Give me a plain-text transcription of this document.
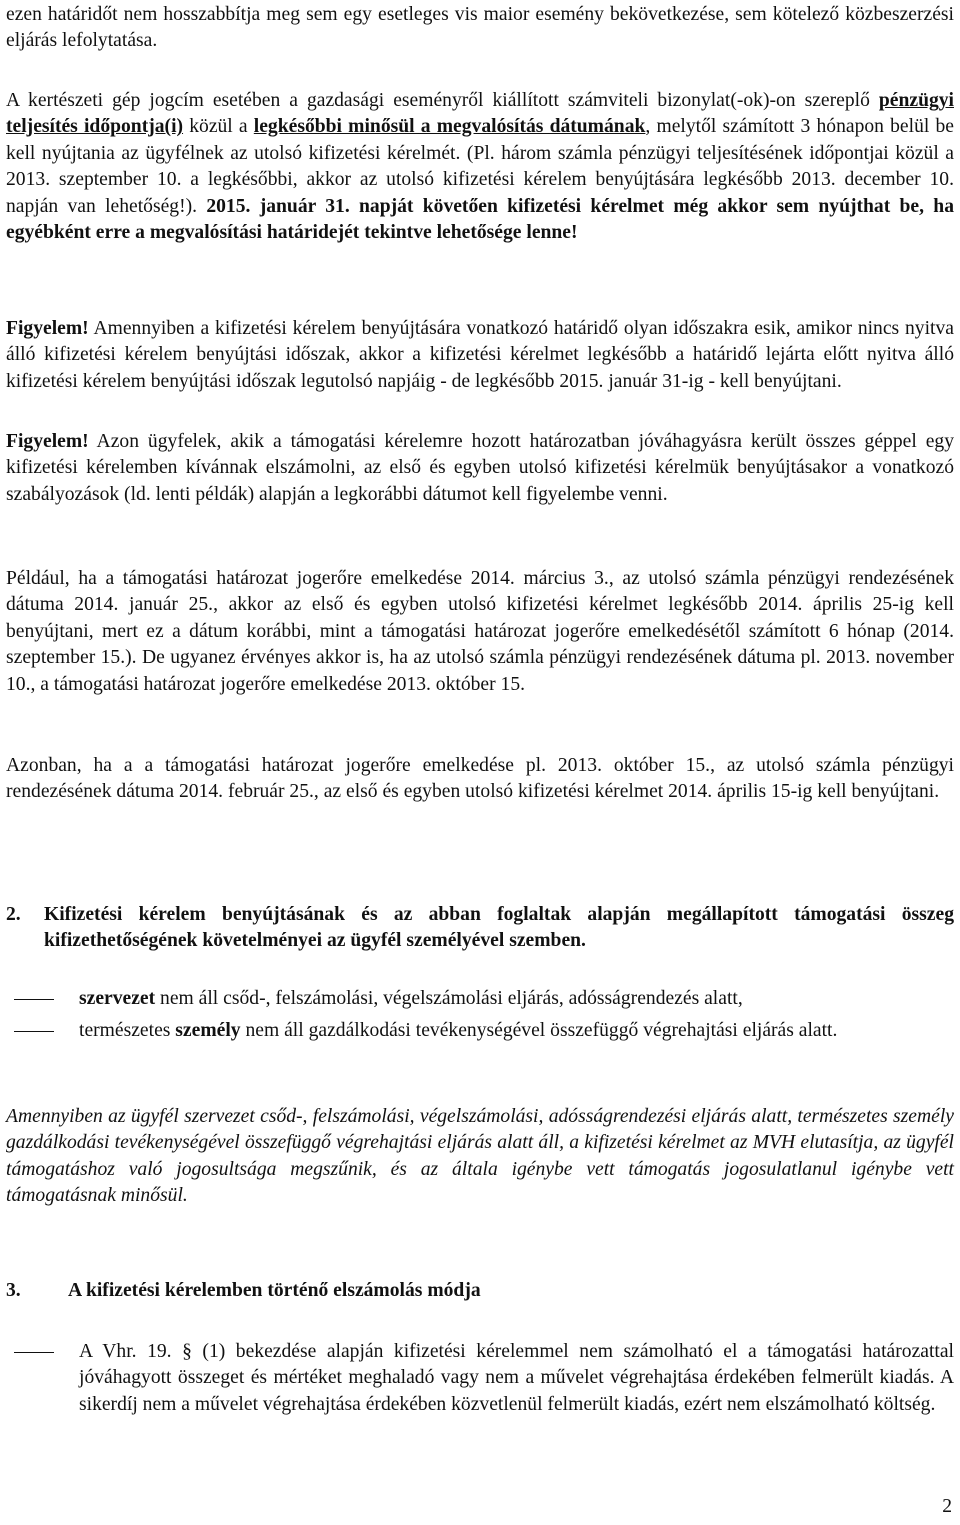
ezen határidőt nem hosszabbítja meg sem egy esetleges vis maior esemény bekövetkezése, sem kötelező közbeszerzési eljárás lefolytatása.

A kertészeti gép jogcím esetében a gazdasági eseményről kiállított számviteli bizonylat(-ok)-on szereplő pénzügyi teljesítés időpontja(i) közül a legkésőbbi minősül a megvalósítás dátumának, melytől számított 3 hónapon belül be kell nyújtania az ügyfélnek az utolsó kifizetési kérelmét. (Pl. három számla pénzügyi teljesítésének időpontjai közül a 2013. szeptember 10. a legkésőbbi, akkor az utolsó kifizetési kérelem benyújtására legkésőbb 2013. december 10. napján van lehetőség!). 2015. január 31. napját követően kifizetési kérelmet még akkor sem nyújthat be, ha egyébként erre a megvalósítási határidejét tekintve lehetősége lenne!

Figyelem! Amennyiben a kifizetési kérelem benyújtására vonatkozó határidő olyan időszakra esik, amikor nincs nyitva álló kifizetési kérelem benyújtási időszak, akkor a kifizetési kérelmet legkésőbb a határidő lejárta előtt nyitva álló kifizetési kérelem benyújtási időszak legutolsó napjáig - de legkésőbb 2015. január 31-ig - kell benyújtani.

Figyelem! Azon ügyfelek, akik a támogatási kérelemre hozott határozatban jóváhagyásra került összes géppel egy kifizetési kérelemben kívánnak elszámolni, az első és egyben utolsó kifizetési kérelmük benyújtásakor a vonatkozó szabályozások (ld. lenti példák) alapján a legkorábbi dátumot kell figyelembe venni.

Például, ha a támogatási határozat jogerőre emelkedése 2014. március 3., az utolsó számla pénzügyi rendezésének dátuma 2014. január 25., akkor az első és egyben utolsó kifizetési kérelmet legkésőbb 2014. április 25-ig kell benyújtani, mert ez a dátum korábbi, mint a támogatási határozat jogerőre emelkedésétől számított 6 hónap (2014. szeptember 15.). De ugyanez érvényes akkor is, ha az utolsó számla pénzügyi rendezésének dátuma pl. 2013. november 10., a támogatási határozat jogerőre emelkedése 2013. október 15.

Azonban, ha a a támogatási határozat jogerőre emelkedése pl. 2013. október 15., az utolsó számla pénzügyi rendezésének dátuma 2014. február 25., az első és egyben utolsó kifizetési kérelmet 2014. április 15-ig kell benyújtani.

2. Kifizetési kérelem benyújtásának és az abban foglaltak alapján megállapított támogatási összeg kifizethetőségének követelményei az ügyfél személyével szemben.
szervezet nem áll csőd-, felszámolási, végelszámolási eljárás, adósságrendezés alatt,
természetes személy nem áll gazdálkodási tevékenységével összefüggő végrehajtási eljárás alatt.

Amennyiben az ügyfél szervezet csőd-, felszámolási, végelszámolási, adósságrendezési eljárás alatt, természetes személy gazdálkodási tevékenységével összefüggő végrehajtási eljárás alatt áll, a kifizetési kérelmet az MVH elutasítja, az ügyfél támogatáshoz való jogosultsága megszűnik, és az általa igénybe vett támogatás jogosulatlanul igénybe vett támogatásnak minősül.

3. A kifizetési kérelemben történő elszámolás módja
A Vhr. 19. § (1) bekezdése alapján kifizetési kérelemmel nem számolható el a támogatási határozattal jóváhagyott összeget és mértéket meghaladó vagy nem a művelet végrehajtása érdekében felmerült kiadás. A sikerdíj nem a művelet végrehajtása érdekében közvetlenül felmerült kiadás, ezért nem elszámolható költség.
2
